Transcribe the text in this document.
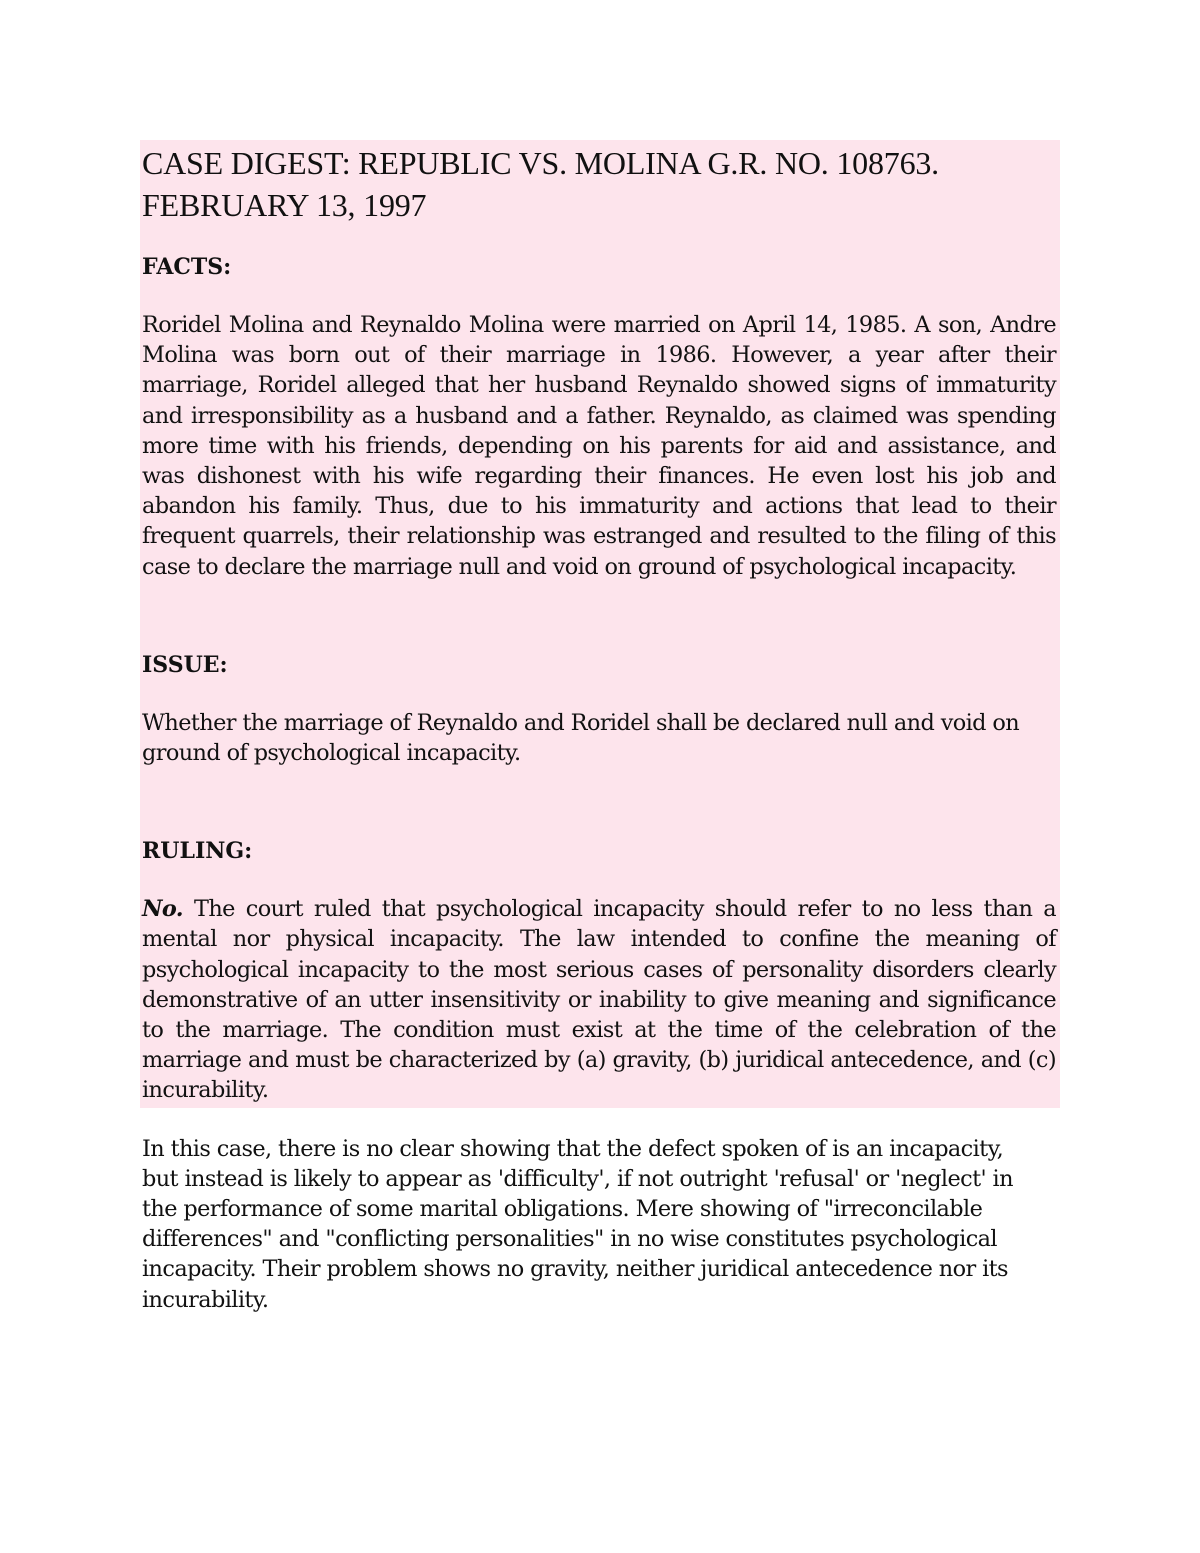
CASE DIGEST: REPUBLIC VS. MOLINA G.R. NO. 108763.
FEBRUARY 13, 1997
FACTS:

Roridel Molina and Reynaldo Molina were married on April 14, 1985. A son, Andre Molina was born out of their marriage in 1986. However, a year after their marriage, Roridel alleged that her husband Reynaldo showed signs of immaturity and irresponsibility as a husband and a father. Reynaldo, as claimed was spending more time with his friends, depending on his parents for aid and assistance, and was dishonest with his wife regarding their finances. He even lost his job and abandon his family. Thus, due to his immaturity and actions that lead to their frequent quarrels, their relationship was estranged and resulted to the filing of this case to declare the marriage null and void on ground of psychological incapacity.

ISSUE:

Whether the marriage of Reynaldo and Roridel shall be declared null and void on ground of psychological incapacity.

RULING:

No. The court ruled that psychological incapacity should refer to no less than a mental nor physical incapacity. The law intended to confine the meaning of psychological incapacity to the most serious cases of personality disorders clearly demonstrative of an utter insensitivity or inability to give meaning and significance to the marriage. The condition must exist at the time of the celebration of the marriage and must be characterized by (a) gravity, (b) juridical antecedence, and (c) incurability.

In this case, there is no clear showing that the defect spoken of is an incapacity, but instead is likely to appear as 'difficulty', if not outright 'refusal' or 'neglect' in the performance of some marital obligations. Mere showing of "irreconcilable differences" and "conflicting personalities" in no wise constitutes psychological incapacity. Their problem shows no gravity, neither juridical antecedence nor its incurability.
